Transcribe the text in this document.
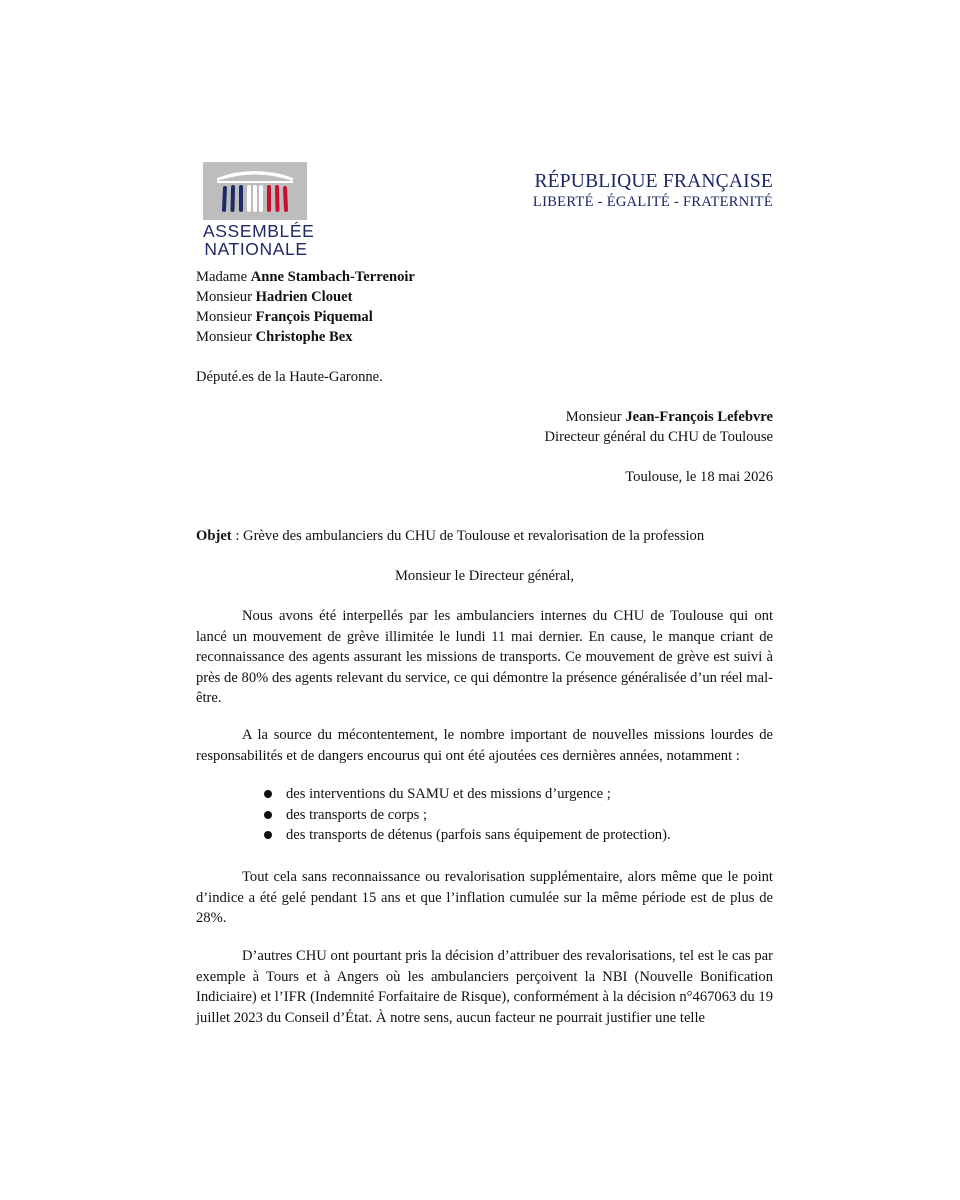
ASSEMBLÉE
NATIONALE
RÉPUBLIQUE FRANÇAISE
LIBERTÉ - ÉGALITÉ - FRATERNITÉ
Madame Anne Stambach-Terrenoir
Monsieur Hadrien Clouet
Monsieur François Piquemal
Monsieur Christophe Bex
Député.es de la Haute-Garonne.
Monsieur Jean-François Lefebvre
Directeur général du CHU de Toulouse
Toulouse, le 18 mai 2026
Objet : Grève des ambulanciers du CHU de Toulouse et revalorisation de la profession
Monsieur le Directeur général,
Nous avons été interpellés par les ambulanciers internes du CHU de Toulouse qui ont lancé un mouvement de grève illimitée le lundi 11 mai dernier. En cause, le manque criant de reconnaissance des agents assurant les missions de transports. Ce mouvement de grève est suivi à près de 80% des agents relevant du service, ce qui démontre la présence généralisée d’un réel mal-être.
A la source du mécontentement, le nombre important de nouvelles missions lourdes de responsabilités et de dangers encourus qui ont été ajoutées ces dernières années, notamment :
des interventions du SAMU et des missions d’urgence ;
des transports de corps ;
des transports de détenus (parfois sans équipement de protection).
Tout cela sans reconnaissance ou revalorisation supplémentaire, alors même que le point d’indice a été gelé pendant 15 ans et que l’inflation cumulée sur la même période est de plus de 28%.
D’autres CHU ont pourtant pris la décision d’attribuer des revalorisations, tel est le cas par exemple à Tours et à Angers où les ambulanciers perçoivent la NBI (Nouvelle Bonification Indiciaire) et l’IFR (Indemnité Forfaitaire de Risque), conformément à la décision n°467063 du 19 juillet 2023 du Conseil d’État. À notre sens, aucun facteur ne pourrait justifier une telle
